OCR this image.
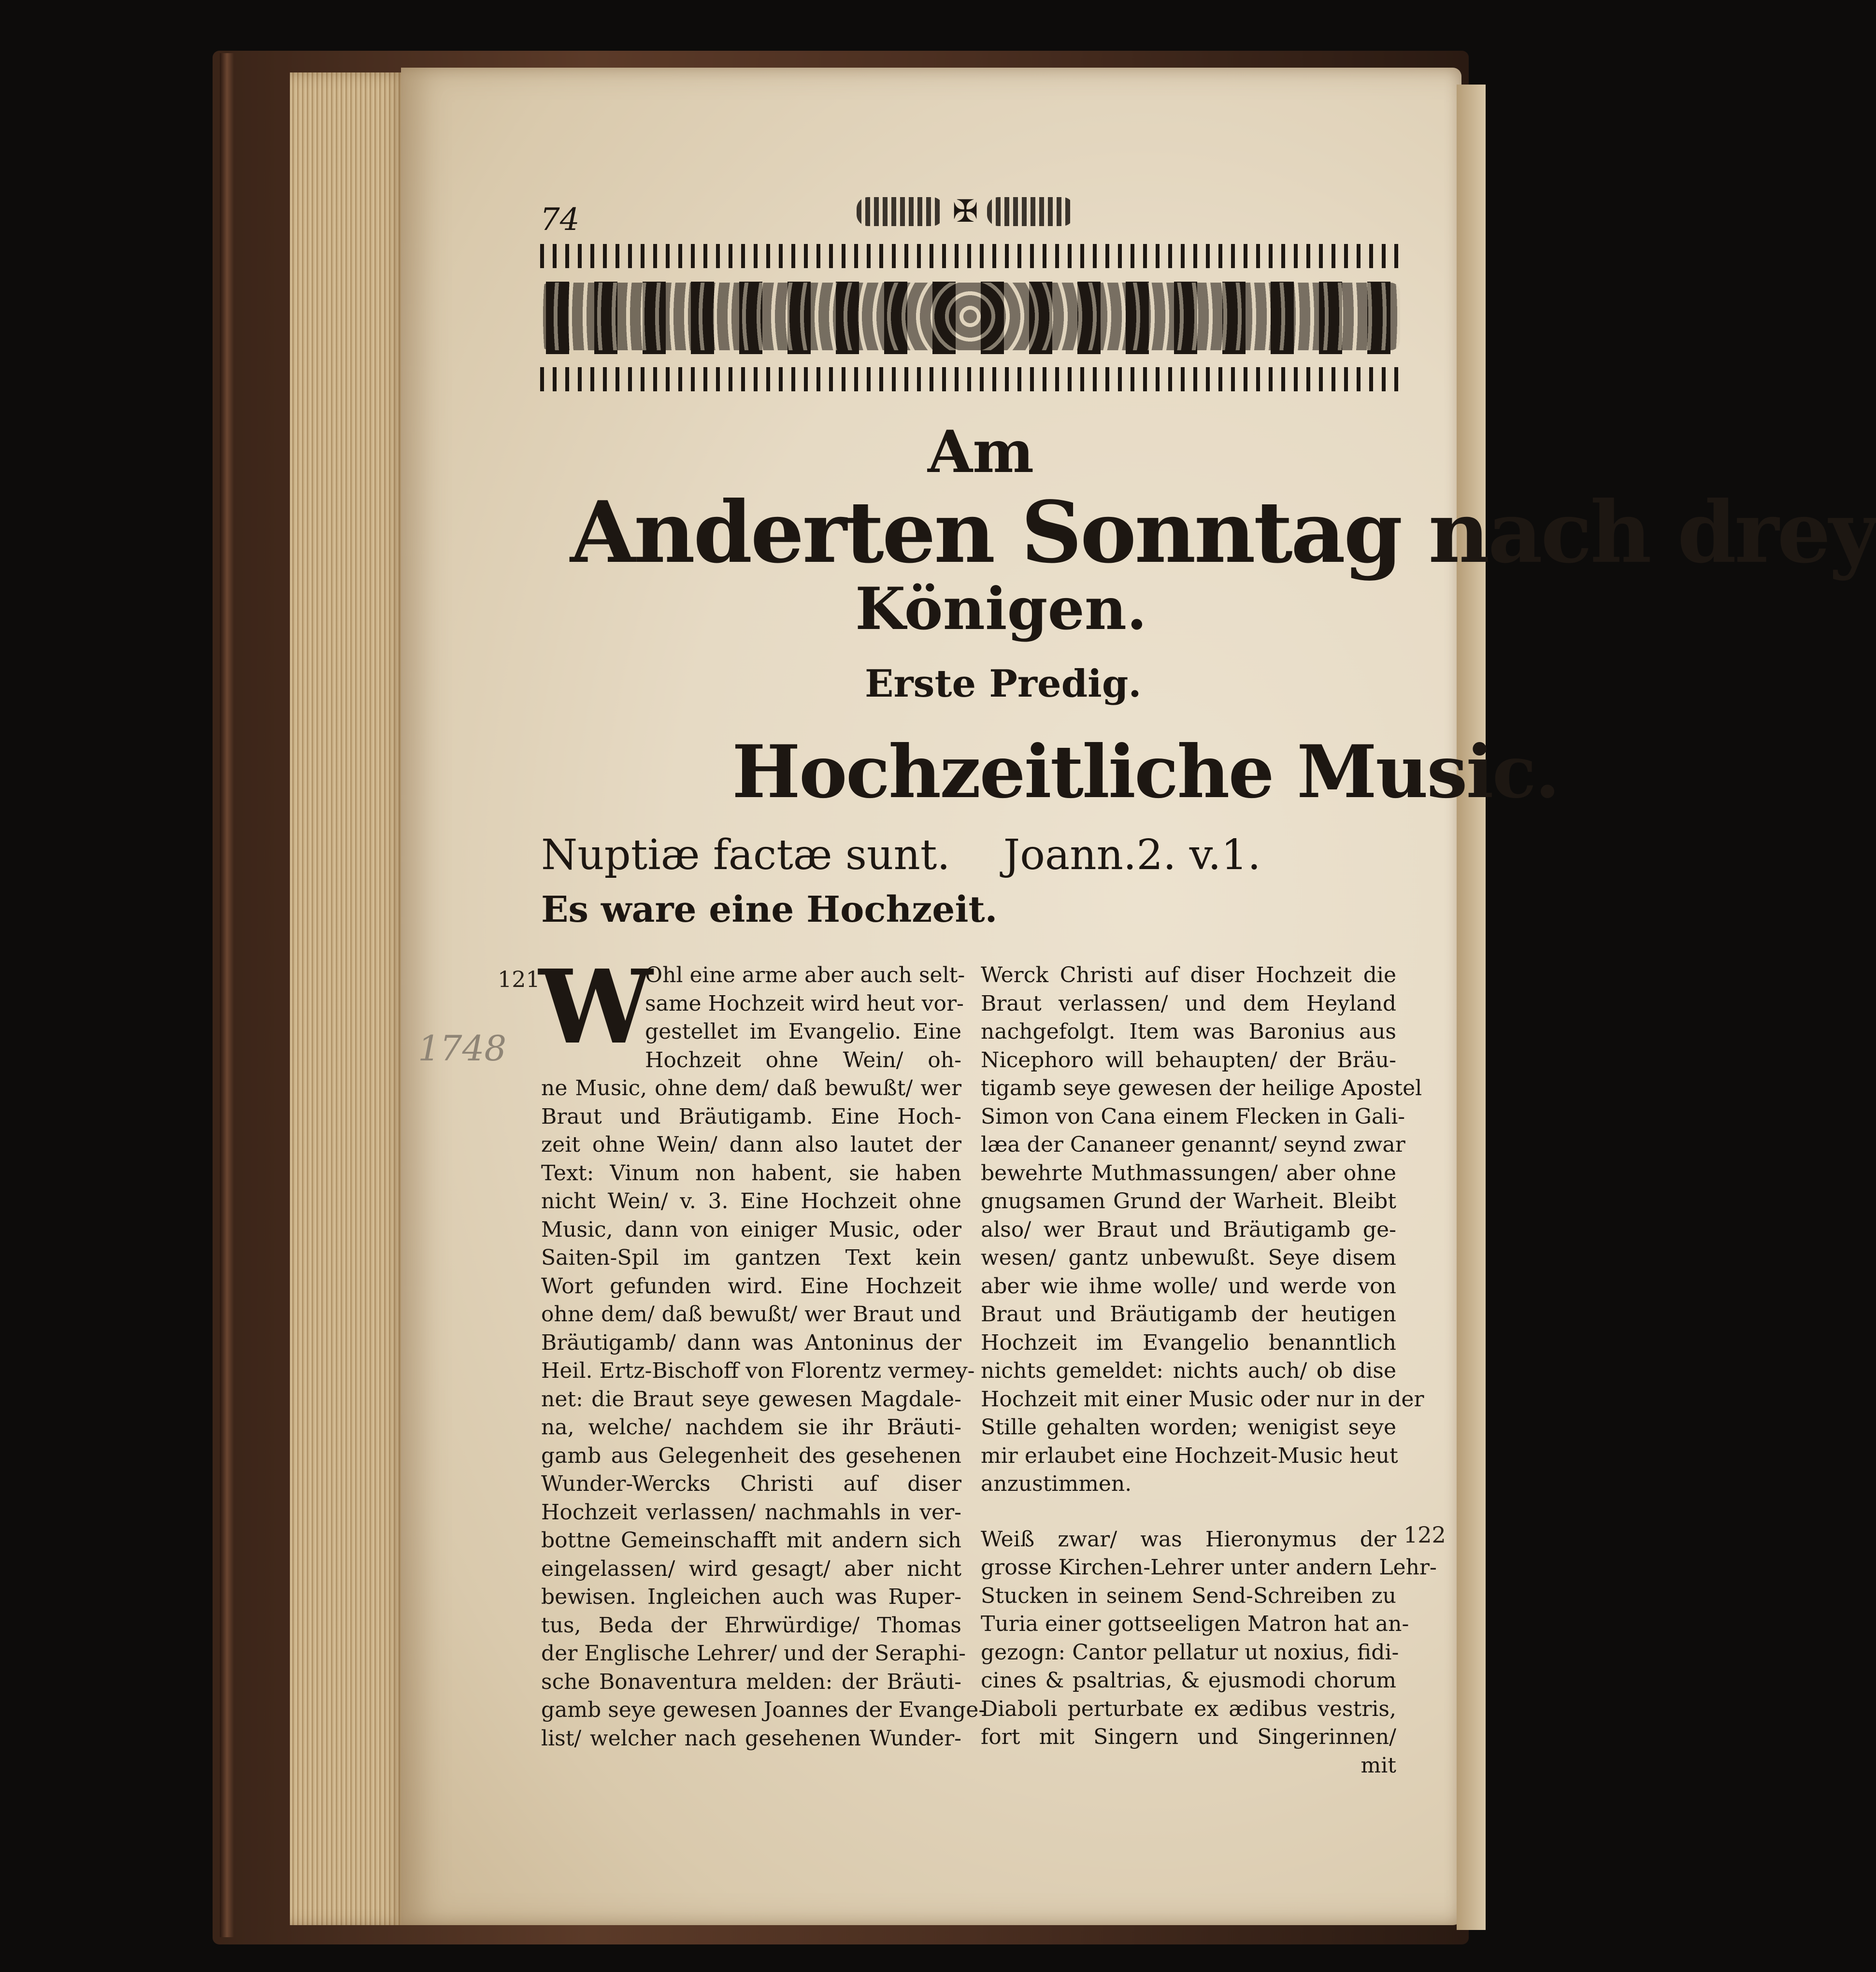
74	✠
Am
Anderten Sonntag nach drey
Königen.
Erste Predig.
Hochzeitliche Music.
Nuptiæ factæ sunt. Joann.2. v.1.
Es ware eine Hochzeit.
121
122
1748 W
Ohl eine arme aber auch selt-
same Hochzeit wird heut vor-
gestellet im Evangelio. Eine
Hochzeit ohne Wein/ oh-
ne Music, ohne dem/ daß bewußt/ wer
Braut und Bräutigamb. Eine Hoch-
zeit ohne Wein/ dann also lautet der
Text: Vinum non habent, sie haben
nicht Wein/ v. 3. Eine Hochzeit ohne
Music, dann von einiger Music, oder
Saiten-Spil im gantzen Text kein
Wort gefunden wird. Eine Hochzeit
ohne dem/ daß bewußt/ wer Braut und
Bräutigamb/ dann was Antoninus der
Heil. Ertz-Bischoff von Florentz vermey-
net: die Braut seye gewesen Magdale-
na, welche/ nachdem sie ihr Bräuti-
gamb aus Gelegenheit des gesehenen
Wunder-Wercks Christi auf diser
Hochzeit verlassen/ nachmahls in ver-
bottne Gemeinschafft mit andern sich
eingelassen/ wird gesagt/ aber nicht
bewisen. Ingleichen auch was Ruper-
tus, Beda der Ehrwürdige/ Thomas
der Englische Lehrer/ und der Seraphi-
sche Bonaventura melden: der Bräuti-
gamb seye gewesen Joannes der Evange-
list/ welcher nach gesehenen Wunder-
Werck Christi auf diser Hochzeit die
Braut verlassen/ und dem Heyland
nachgefolgt. Item was Baronius aus
Nicephoro will behaupten/ der Bräu-
tigamb seye gewesen der heilige Apostel
Simon von Cana einem Flecken in Gali-
læa der Cananeer genannt/ seynd zwar
bewehrte Muthmassungen/ aber ohne
gnugsamen Grund der Warheit. Bleibt
also/ wer Braut und Bräutigamb ge-
wesen/ gantz unbewußt. Seye disem
aber wie ihme wolle/ und werde von
Braut und Bräutigamb der heutigen
Hochzeit im Evangelio benanntlich
nichts gemeldet: nichts auch/ ob dise
Hochzeit mit einer Music oder nur in der
Stille gehalten worden; wenigist seye
mir erlaubet eine Hochzeit-Music heut
anzustimmen.
Weiß zwar/ was Hieronymus der
grosse Kirchen-Lehrer unter andern Lehr-
Stucken in seinem Send-Schreiben zu
Turia einer gottseeligen Matron hat an-
gezogn: Cantor pellatur ut noxius, fidi-
cines & psaltrias, & ejusmodi chorum
Diaboli perturbate ex ædibus vestris,
fort mit Singern und Singerinnen/
mit
